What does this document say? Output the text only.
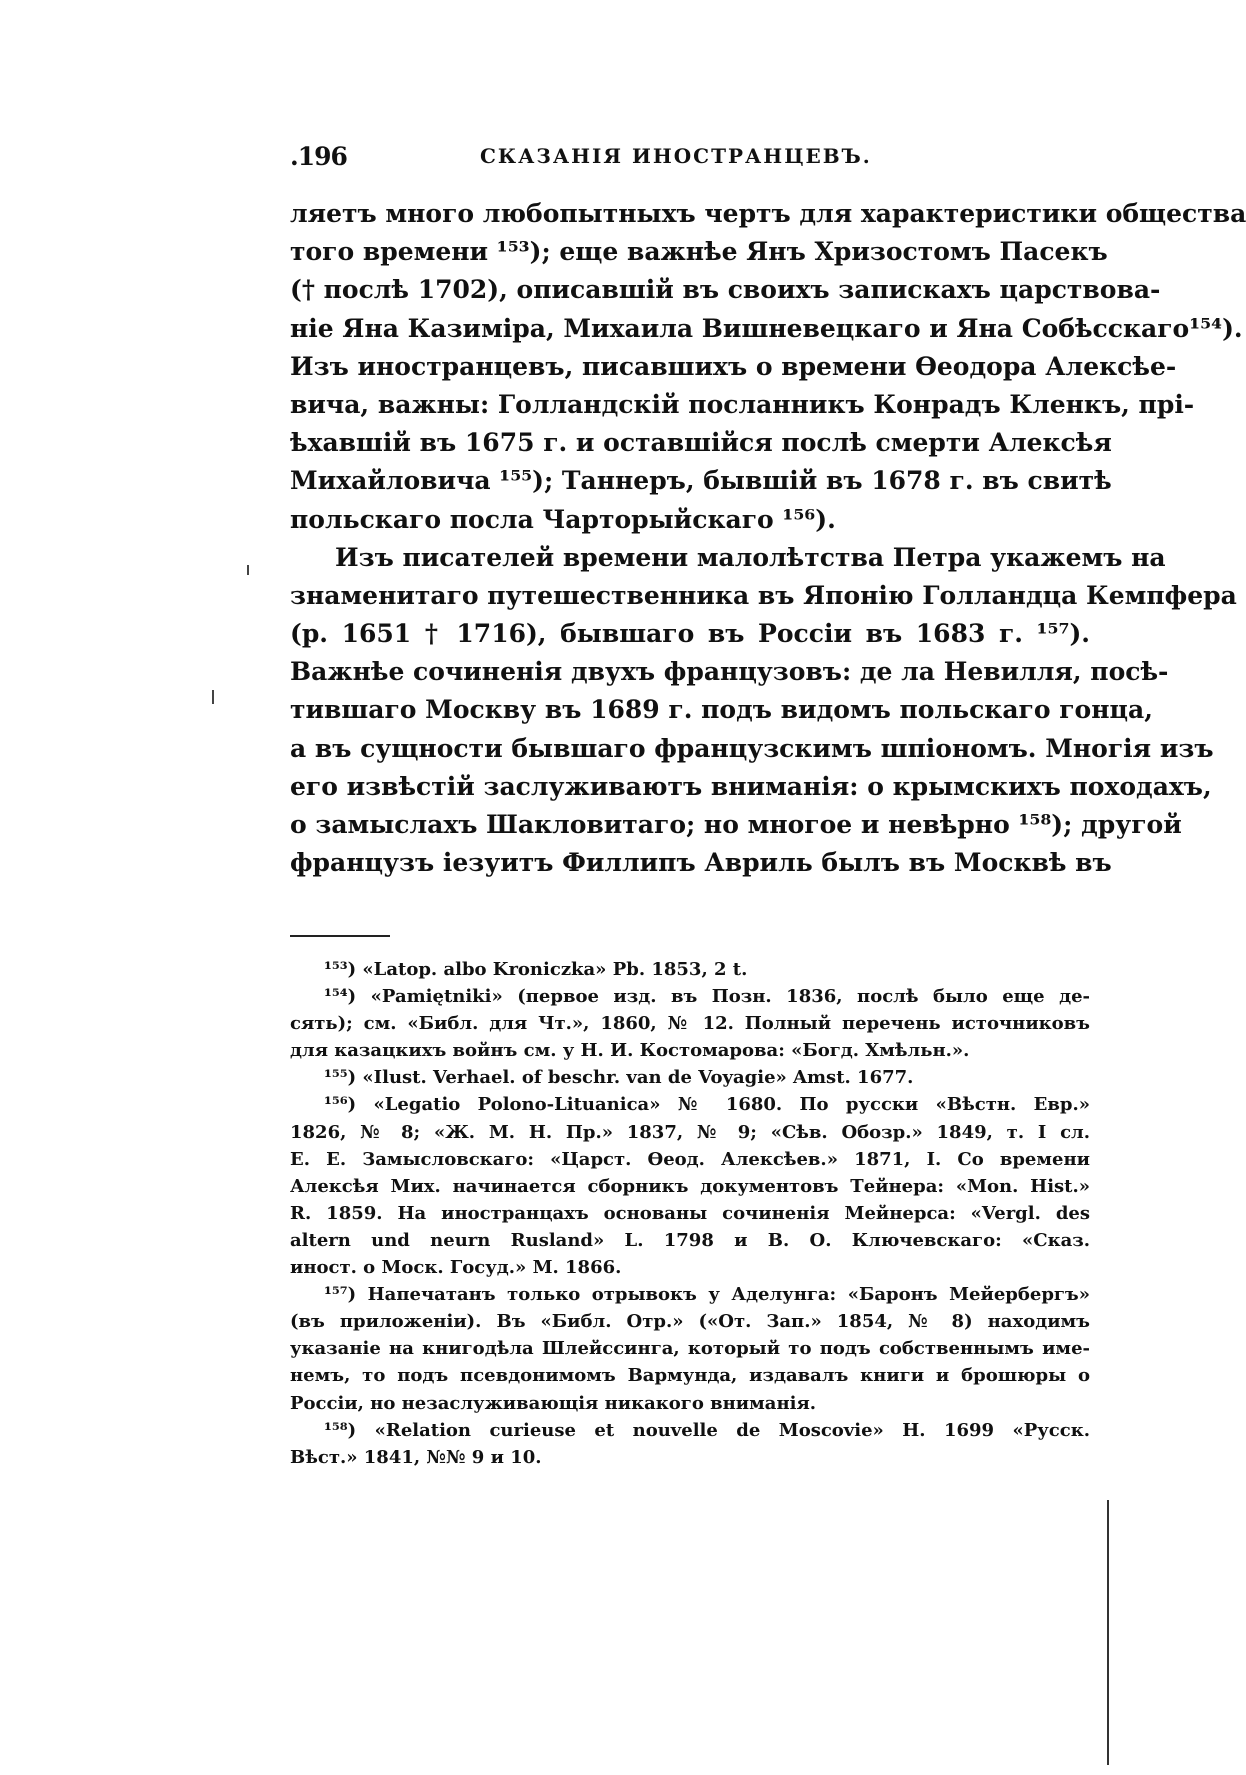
.196	СКАЗАНІЯ ИНОСТРАНЦЕВЪ.
ляетъ много любопытныхъ чертъ для характеристики общества
того времени ¹⁵³); еще важнѣе Янъ Хризостомъ Пасекъ
(† послѣ 1702), описавшій въ своихъ запискахъ царствова-
ніе Яна Казиміра, Михаила Вишневецкаго и Яна Собѣсскаго¹⁵⁴).
Изъ иностранцевъ, писавшихъ о времени Ѳеодора Алексѣе-
вича, важны: Голландскій посланникъ Конрадъ Кленкъ, прі-
ѣхавшій въ 1675 г. и оставшійся послѣ смерти Алексѣя
Михайловича ¹⁵⁵); Таннеръ, бывшій въ 1678 г. въ свитѣ
польскаго посла Чарторыйскаго ¹⁵⁶).
Изъ писателей времени малолѣтства Петра укажемъ на
знаменитаго путешественника въ Японію Голландца Кемпфера
(р. 1651 † 1716), бывшаго въ Россіи въ 1683 г. ¹⁵⁷).
Важнѣе сочиненія двухъ французовъ: де ла Невилля, посѣ-
тившаго Москву въ 1689 г. подъ видомъ польскаго гонца,
а въ сущности бывшаго французскимъ шпіономъ. Многія изъ
его извѣстій заслуживаютъ вниманія: о крымскихъ походахъ,
о замыслахъ Шакловитаго; но многое и невѣрно ¹⁵⁸); другой
французъ іезуитъ Филлипъ Авриль былъ въ Москвѣ въ
¹⁵³) «Latop. albo Kroniczka» Pb. 1853, 2 t.
¹⁵⁴) «Pamiętniki» (первое изд. въ Позн. 1836, послѣ было еще де-
сять); см. «Библ. для Чт.», 1860, № 12. Полный перечень источниковъ
для казацкихъ войнъ см. у Н. И. Костомарова: «Богд. Хмѣльн.».
¹⁵⁵) «Ilust. Verhael. of beschr. van de Voyagie» Amst. 1677.
¹⁵⁶) «Legatio Polono-Lituanica» № 1680. По русски «Вѣстн. Евр.»
1826, № 8; «Ж. М. Н. Пр.» 1837, № 9; «Сѣв. Обозр.» 1849, т. I сл.
Е. Е. Замысловскаго: «Царст. Ѳеод. Алексѣев.» 1871, I. Со времени
Алексѣя Мих. начинается сборникъ документовъ Тейнера: «Mon. Hist.»
R. 1859. На иностранцахъ основаны сочиненія Мейнерса: «Vergl. des
altern und neurn Rusland» L. 1798 и В. О. Ключевскаго: «Сказ.
иност. о Моск. Госуд.» М. 1866.
¹⁵⁷) Напечатанъ только отрывокъ у Аделунга: «Баронъ Мейербергъ»
(въ приложеніи). Въ «Библ. Отр.» («От. Зап.» 1854, № 8) находимъ
указаніе на книгодѣла Шлейссинга, который то подъ собственнымъ име-
немъ, то подъ псевдонимомъ Вармунда, издавалъ книги и брошюры о
Россіи, но незаслуживающія никакого вниманія.
¹⁵⁸) «Relation curieuse et nouvelle de Moscovie» H. 1699 «Русск.
Вѣст.» 1841, №№ 9 и 10.
